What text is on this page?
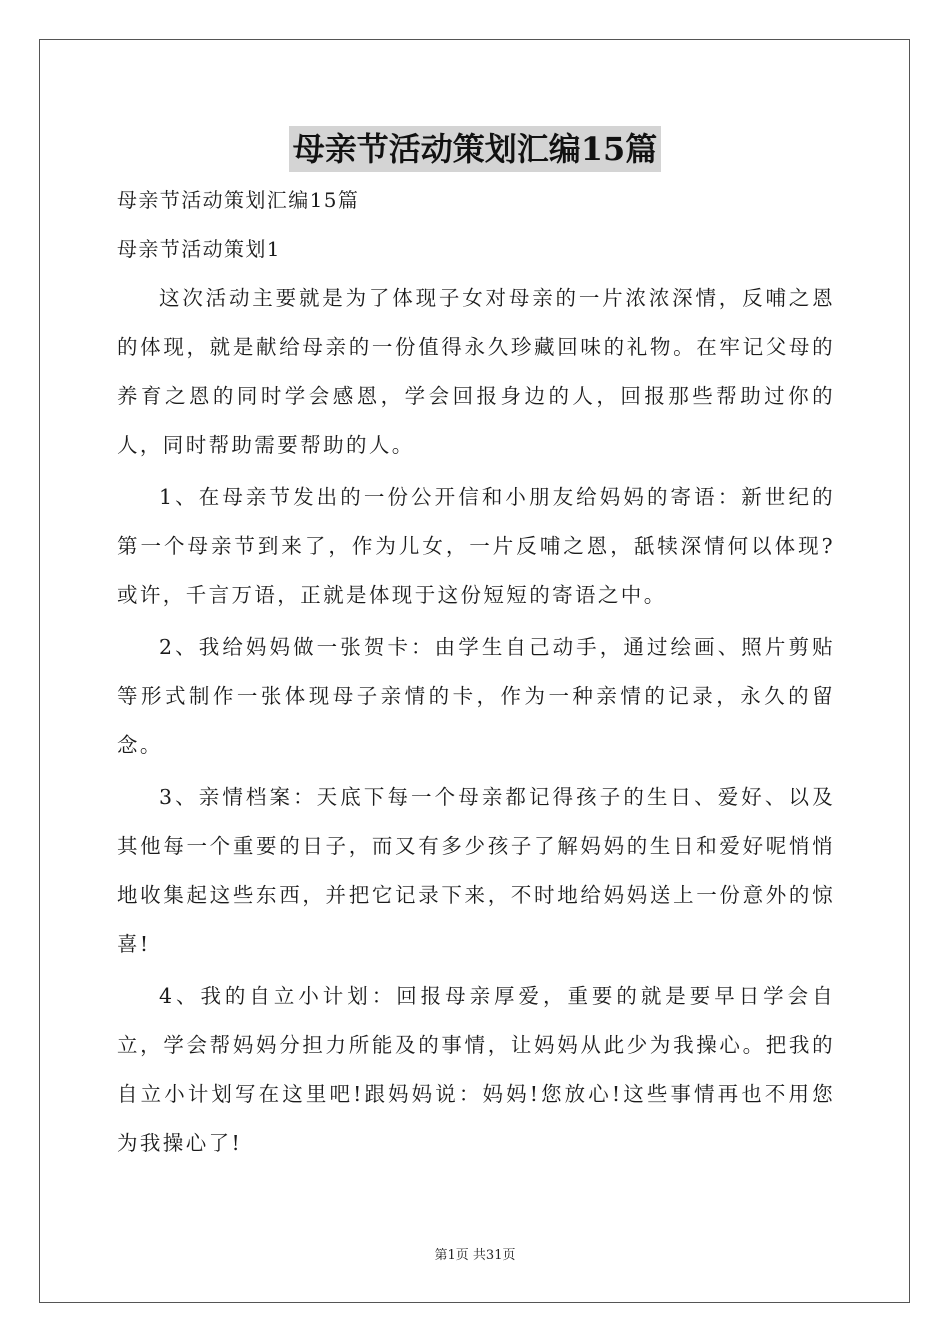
母亲节活动策划汇编15篇

母亲节活动策划汇编15篇

母亲节活动策划1

这次活动主要就是为了体现子女对母亲的一片浓浓深情，反哺之恩的体现，就是献给母亲的一份值得永久珍藏回味的礼物。在牢记父母的养育之恩的同时学会感恩，学会回报身边的人，回报那些帮助过你的人，同时帮助需要帮助的人。

1、在母亲节发出的一份公开信和小朋友给妈妈的寄语：新世纪的第一个母亲节到来了，作为儿女，一片反哺之恩，舐犊深情何以体现?或许，千言万语，正就是体现于这份短短的寄语之中。

2、我给妈妈做一张贺卡：由学生自己动手，通过绘画、照片剪贴等形式制作一张体现母子亲情的卡，作为一种亲情的记录，永久的留念。

3、亲情档案：天底下每一个母亲都记得孩子的生日、爱好、以及其他每一个重要的日子，而又有多少孩子了解妈妈的生日和爱好呢悄悄地收集起这些东西，并把它记录下来，不时地给妈妈送上一份意外的惊喜!

4、我的自立小计划：回报母亲厚爱，重要的就是要早日学会自立，学会帮妈妈分担力所能及的事情，让妈妈从此少为我操心。把我的自立小计划写在这里吧!跟妈妈说：妈妈!您放心!这些事情再也不用您为我操心了!

第1页 共31页
